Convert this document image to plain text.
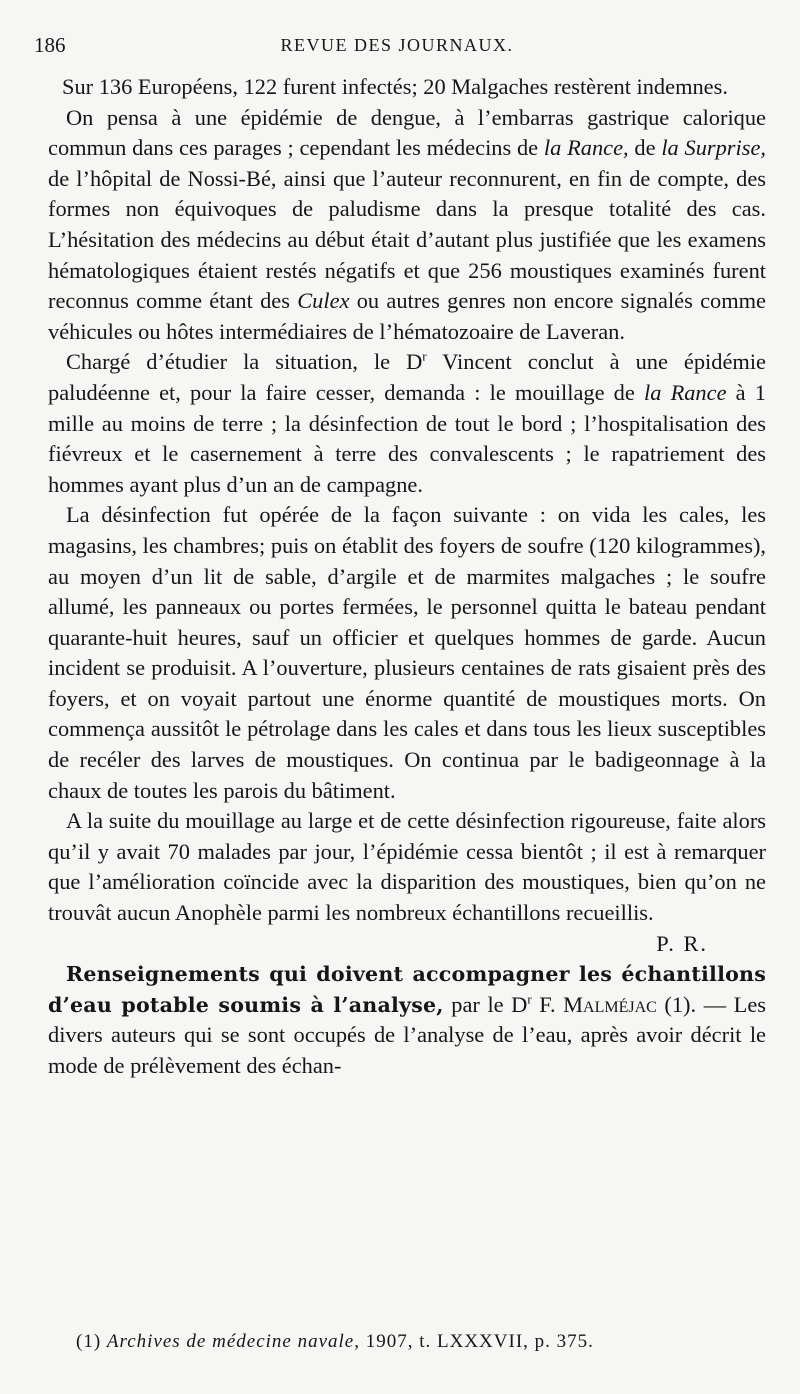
186	REVUE DES JOURNAUX.

Sur 136 Européens, 122 furent infectés; 20 Malgaches restèrent indemnes.

On pensa à une épidémie de dengue, à l’embarras gastrique calorique commun dans ces parages ; cependant les médecins de la Rance, de la Surprise, de l’hôpital de Nossi-Bé, ainsi que l’auteur reconnurent, en fin de compte, des formes non équivoques de paludisme dans la presque totalité des cas. L’hésitation des médecins au début était d’autant plus justifiée que les examens hématologiques étaient restés négatifs et que 256 moustiques examinés furent reconnus comme étant des Culex ou autres genres non encore signalés comme véhicules ou hôtes intermédiaires de l’hématozoaire de Laveran.

Chargé d’étudier la situation, le $D^r$ Vincent conclut à une épidémie paludéenne et, pour la faire cesser, demanda : le mouillage de la Rance à 1 mille au moins de terre ; la désinfection de tout le bord ; l’hospitalisation des fiévreux et le casernement à terre des convalescents ; le rapatriement des hommes ayant plus d’un an de campagne.

La désinfection fut opérée de la façon suivante : on vida les cales, les magasins, les chambres; puis on établit des foyers de soufre (120 kilogrammes), au moyen d’un lit de sable, d’argile et de marmites malgaches ; le soufre allumé, les panneaux ou portes fermées, le personnel quitta le bateau pendant quarante-huit heures, sauf un officier et quelques hommes de garde. Aucun incident se produisit. A l’ouverture, plusieurs centaines de rats gisaient près des foyers, et on voyait partout une énorme quantité de moustiques morts. On commença aussitôt le pétrolage dans les cales et dans tous les lieux susceptibles de recéler des larves de moustiques. On continua par le badigeonnage à la chaux de toutes les parois du bâtiment.

A la suite du mouillage au large et de cette désinfection rigoureuse, faite alors qu’il y avait 70 malades par jour, l’épidémie cessa bientôt ; il est à remarquer que l’amélioration coïncide avec la disparition des moustiques, bien qu’on ne trouvât aucun Anophèle parmi les nombreux échantillons recueillis.

P. R.

Renseignements qui doivent accompagner les échantillons d’eau potable soumis à l’analyse, par le $D^r$ F. Malméjac (1). — Les divers auteurs qui se sont occupés de l’analyse de l’eau, après avoir décrit le mode de prélèvement des échan-

(1) Archives de médecine navale, 1907, t. LXXXVII, p. 375.
